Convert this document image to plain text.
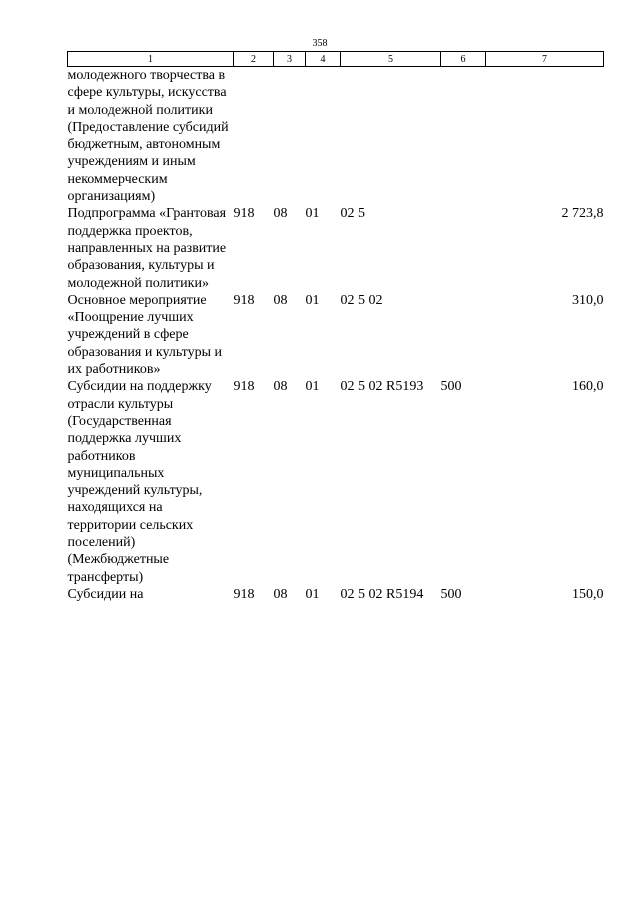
358
1	2	3	4	5	6	7
молодежного творчества в сфере культуры, искусства и молодежной политики (Предоставление субсидий бюджетным, автономным учреждениям и иным некоммерческим организациям)						
Подпрограмма «Грантовая поддержка проектов, направленных на развитие образования, культуры и молодежной политики»	918	08	01	02 5		2 723,8
Основное мероприятие «Поощрение лучших учреждений в сфере образования и культуры и их работников»	918	08	01	02 5 02		310,0
Субсидии на поддержку отрасли культуры (Государственная поддержка лучших работников муниципальных учреждений культуры, находящихся на территории сельских поселений) (Межбюджетные трансферты)	918	08	01	02 5 02 R5193	500	160,0
Субсидии на	918	08	01	02 5 02 R5194	500	150,0
